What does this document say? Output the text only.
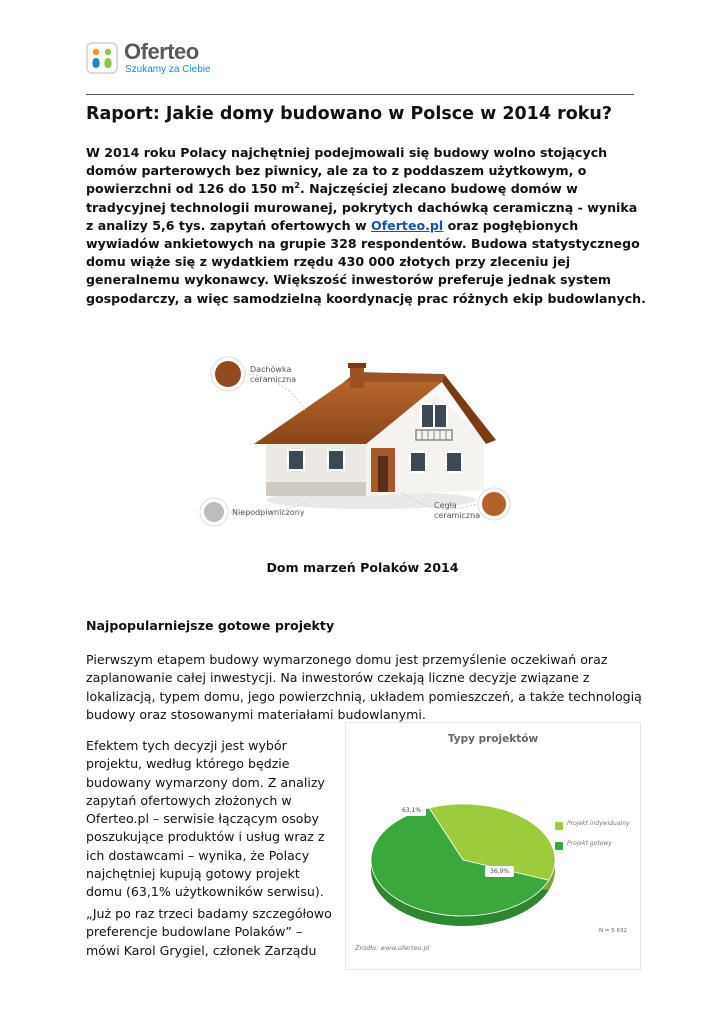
Oferteo
Szukamy za Ciebie
Raport: Jakie domy budowano w Polsce w 2014 roku?

W 2014 roku Polacy najchętniej podejmowali się budowy wolno stojących domów parterowych bez piwnicy, ale za to z poddaszem użytkowym, o powierzchni od 126 do 150 $m^2$. Najczęściej zlecano budowę domów w tradycyjnej technologii murowanej, pokrytych dachówką ceramiczną - wynika z analizy 5,6 tys. zapytań ofertowych w Oferteo.pl oraz pogłębionych wywiadów ankietowych na grupie 328 respondentów. Budowa statystycznego domu wiąże się z wydatkiem rzędu 430 000 złotych przy zleceniu jej generalnemu wykonawcy. Większość inwestorów preferuje jednak system gospodarczy, a więc samodzielną koordynację prac różnych ekip budowlanych.

Dachówka
ceramiczna
Niepodpiwniczony
Cegła
ceramiczna
Dom marzeń Polaków 2014
Najpopularniejsze gotowe projekty

Pierwszym etapem budowy wymarzonego domu jest przemyślenie oczekiwań oraz zaplanowanie całej inwestycji. Na inwestorów czekają liczne decyzje związane z lokalizacją, typem domu, jego powierzchnią, układem pomieszczeń, a także technologią budowy oraz stosowanymi materiałami budowlanymi.

Efektem tych decyzji jest wybór projektu, według którego będzie budowany wymarzony dom. Z analizy zapytań ofertowych złożonych w Oferteo.pl – serwisie łączącym osoby poszukujące produktów i usług wraz z ich dostawcami – wynika, że Polacy najchętniej kupują gotowy projekt domu (63,1% użytkowników serwisu).

„Już po raz trzeci badamy szczegółowo preferencje budowlane Polaków” – mówi Karol Grygiel, członek Zarządu

Typy projektów
36,9%
63,1%
Projekt indywidualny
Projekt gotowy
N = 5 632
Źródło: www.oferteo.pl
